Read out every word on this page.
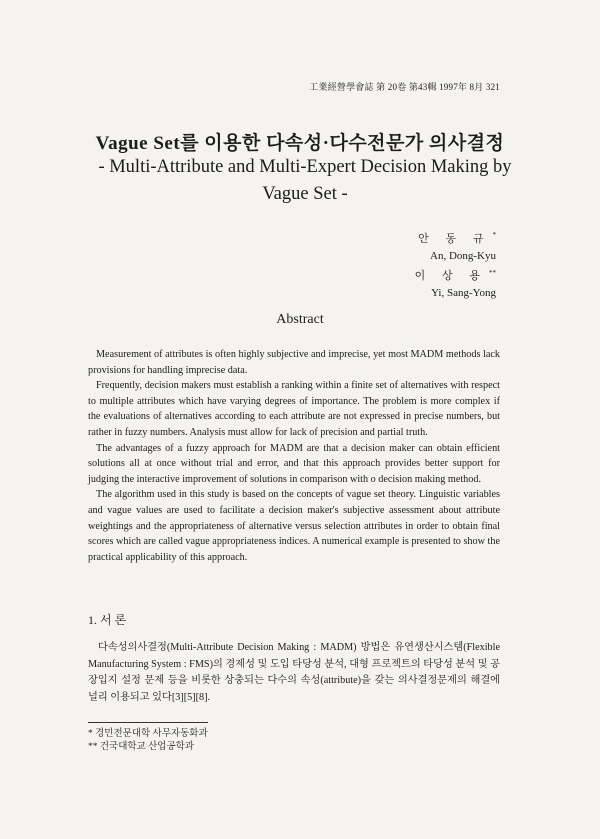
工業經營學會誌 第 20卷 第43輯 1997年 8月 321
Vague Set를 이용한 다속성·다수전문가 의사결정
- Multi-Attribute and Multi-Expert Decision Making by
Vague Set -
안 동 규 *
An, Dong-Kyu
이 상 용 **
Yi, Sang-Yong
Abstract

Measurement of attributes is often highly subjective and imprecise, yet most MADM methods lack provisions for handling imprecise data.

Frequently, decision makers must establish a ranking within a finite set of alternatives with respect to multiple attributes which have varying degrees of importance. The problem is more complex if the evaluations of alternatives according to each attribute are not expressed in precise numbers, but rather in fuzzy numbers. Analysis must allow for lack of precision and partial truth.

The advantages of a fuzzy approach for MADM are that a decision maker can obtain efficient solutions all at once without trial and error, and that this approach provides better support for judging the interactive improvement of solutions in comparison with o decision making method.

The algorithm used in this study is based on the concepts of vague set theory. Linguistic variables and vague values are used to facilitate a decision maker's subjective assessment about attribute weightings and the appropriateness of alternative versus selection attributes in order to obtain final scores which are called vague appropriateness indices. A numerical example is presented to show the practical applicability of this approach.

1. 서 론

다속성의사결정(Multi-Attribute Decision Making : MADM) 방법은 유연생산시스템(Flexible Manufacturing System : FMS)의 경제성 및 도입 타당성 분석, 대형 프로젝트의 타당성 분석 및 공장입지 설정 문제 등을 비롯한 상충되는 다수의 속성(attribute)을 갖는 의사결정문제의 해결에 널리 이용되고 있다[3][5][8].

* 경민전문대학 사무자동화과
** 건국대학교 산업공학과
